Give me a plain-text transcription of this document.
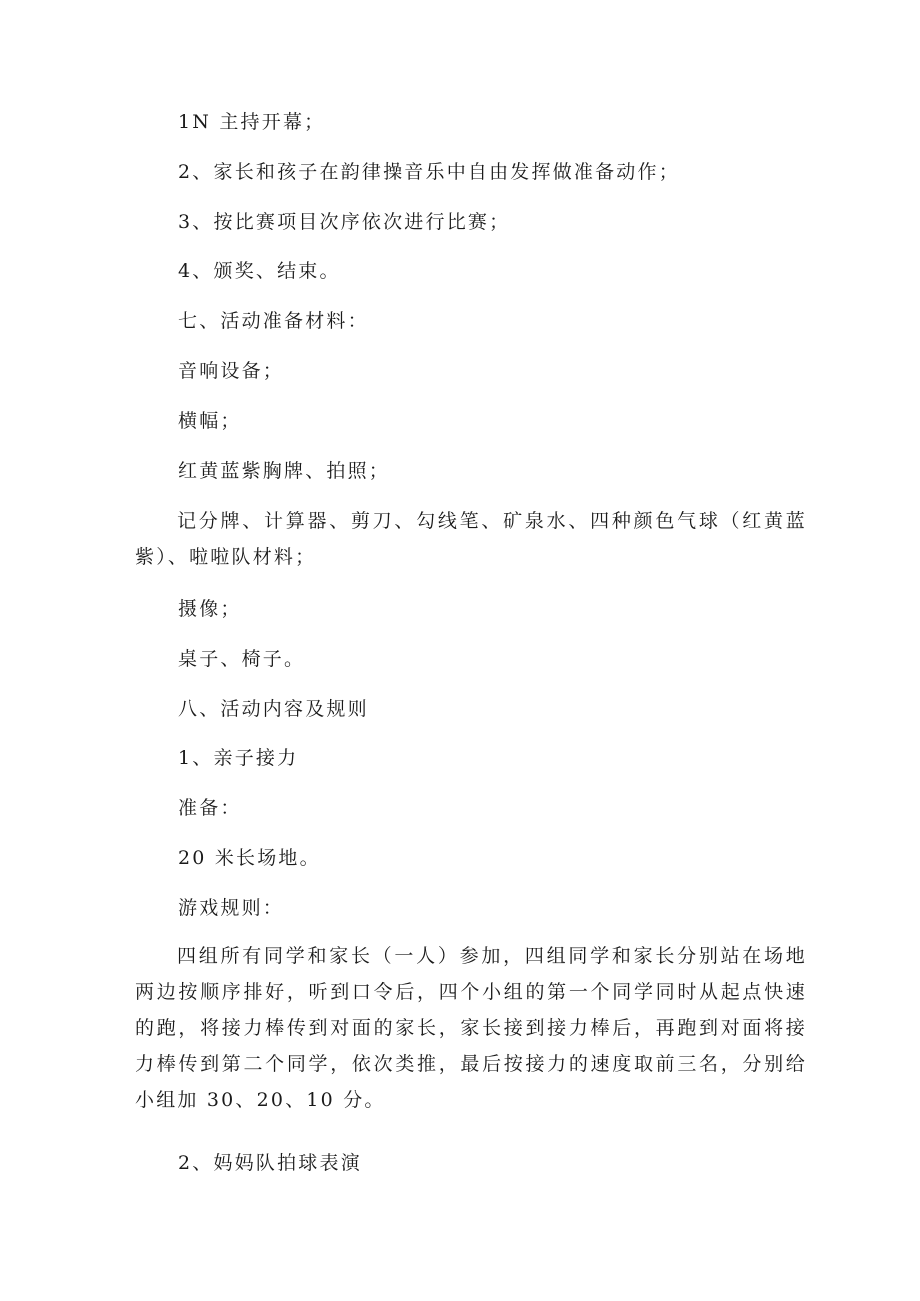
1N 主持开幕；
2、家长和孩子在韵律操音乐中自由发挥做准备动作；
3、按比赛项目次序依次进行比赛；
4、颁奖、结束。
七、活动准备材料：
音响设备；
横幅；
红黄蓝紫胸牌、拍照；
记分牌、计算器、剪刀、勾线笔、矿泉水、四种颜色气球（红黄蓝紫）、啦啦队材料；
摄像；
桌子、椅子。
八、活动内容及规则
1、亲子接力
准备：
20 米长场地。
游戏规则：
四组所有同学和家长（一人）参加，四组同学和家长分别站在场地两边按顺序排好，听到口令后，四个小组的第一个同学同时从起点快速的跑，将接力棒传到对面的家长，家长接到接力棒后，再跑到对面将接力棒传到第二个同学，依次类推，最后按接力的速度取前三名，分别给小组加 30、20、10 分。
2、妈妈队拍球表演
